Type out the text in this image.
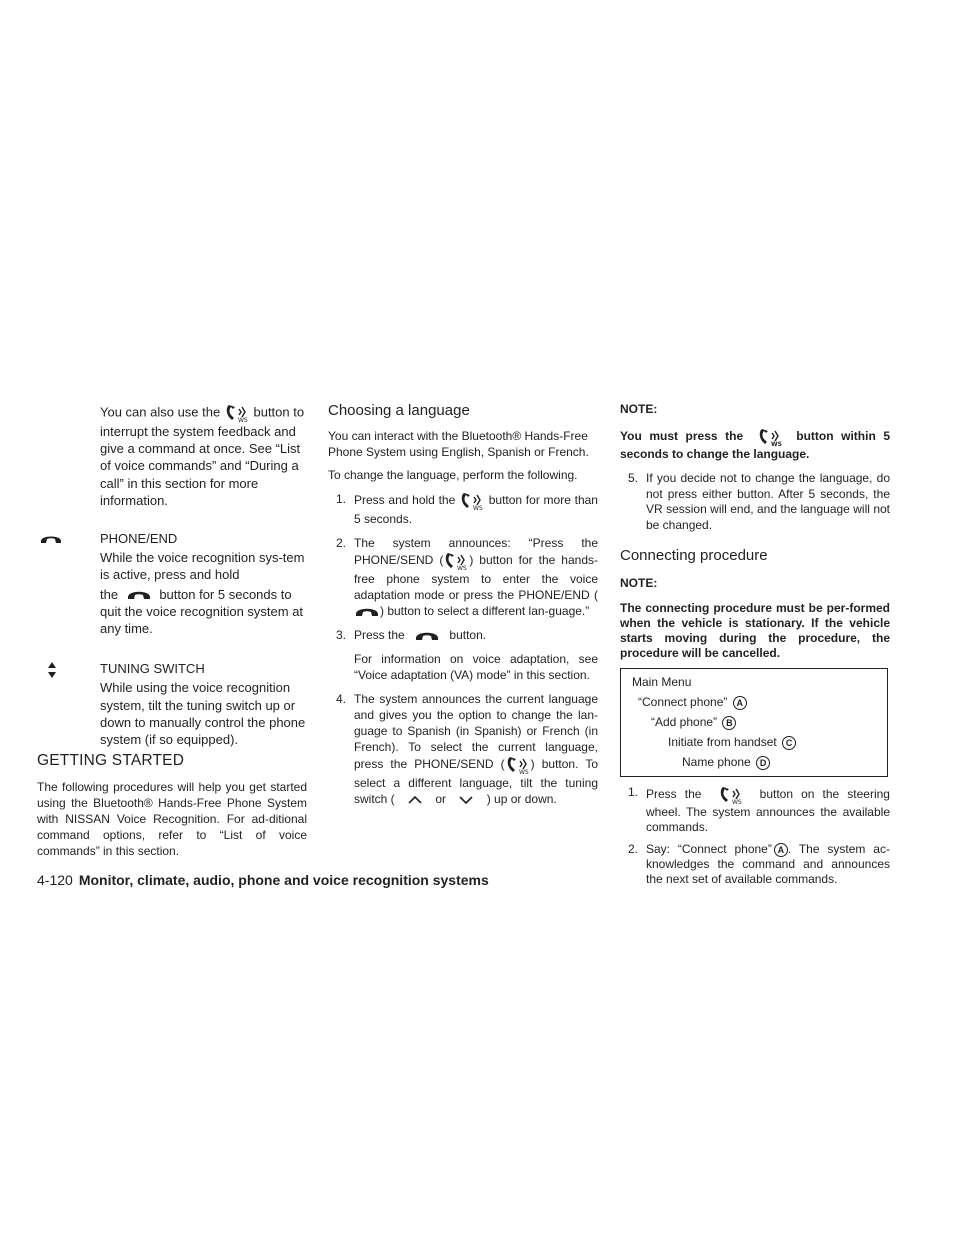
You can also use the
WS
button to interrupt the system feedback and give a command at once. See “List of voice commands” and “During a call” in this section for more information.

PHONE/END

While the voice recognition sys-tem is active, press and hold

the	button for 5 seconds to quit the voice recognition system at any time.

TUNING SWITCH

While using the voice recognition system, tilt the tuning switch up or down to manually control the phone system (if so equipped).

GETTING STARTED

The following procedures will help you get started using the Bluetooth® Hands-Free Phone System with NISSAN Voice Recognition. For ad-ditional command options, refer to “List of voice commands” in this section.

Choosing a language

You can interact with the Bluetooth® Hands-Free Phone System using English, Spanish or French.

To change the language, perform the following.

1. Press and hold the
WS
button for more than 5 seconds.
2. The system announces: “Press the PHONE/SEND (
WS
) button for the hands-free phone system to enter the voice adaptation mode or press the PHONE/END () button to select a different lan-guage.”
3. Press the	button.

For information on voice adaptation, see “Voice adaptation (VA) mode” in this section.

4. The system announces the current language and gives you the option to change the lan-guage to Spanish (in Spanish) or French (in French). To select the current language, press the PHONE/SEND (
WS
) button. To select a different language, tilt the tuning switch (	or	) up or down.

NOTE:

You must press the
WS
button within 5 seconds to change the language.

5. If you decide not to change the language, do not press either button. After 5 seconds, the VR session will end, and the language will not be changed.
Connecting procedure

NOTE:

The connecting procedure must be per-formed when the vehicle is stationary. If the vehicle starts moving during the procedure, the procedure will be cancelled.

Main Menu
“Connect phone” A
“Add phone” B
Initiate from handset C
Name phone D
1. Press the
WS
button on the steering wheel. The system announces the available commands.
2. Say: “Connect phone” A . The system ac-knowledges the command and announces the next set of available commands.
4-120 Monitor, climate, audio, phone and voice recognition systems
